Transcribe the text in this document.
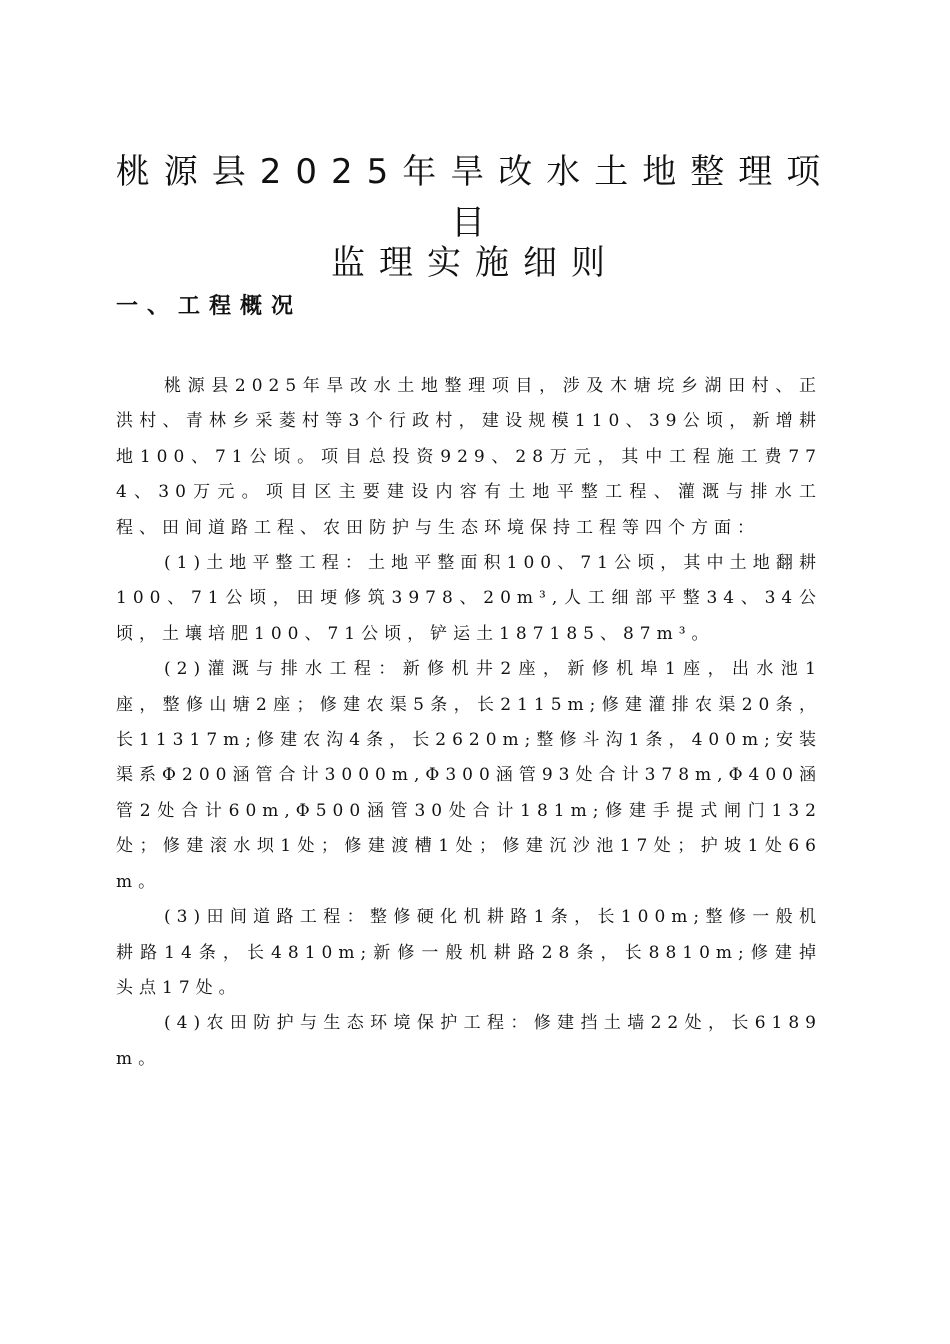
桃源县2025年旱改水土地整理项
目
监理实施细则
一、工程概况

桃源县2025年旱改水土地整理项目，涉及木塘垸乡湖田村、正洪村、青林乡采菱村等3个行政村，建设规模110、39公顷，新增耕地100、71公顷。项目总投资929、28万元，其中工程施工费774、30万元。项目区主要建设内容有土地平整工程、灌溉与排水工程、田间道路工程、农田防护与生态环境保持工程等四个方面：

(1)土地平整工程：土地平整面积100、71公顷，其中土地翻耕100、71公顷，田埂修筑3978、20m³,人工细部平整34、34公顷，土壤培肥100、71公顷，铲运土187185、87m³。

(2)灌溉与排水工程：新修机井2座，新修机埠1座，出水池1座，整修山塘2座；修建农渠5条，长2115m;修建灌排农渠20条，长11317m;修建农沟4条，长2620m;整修斗沟1条，400m;安装渠系Φ200涵管合计3000m,Φ300涵管93处合计378m,Φ400涵管2处合计60m,Φ500涵管30处合计181m;修建手提式闸门132处；修建滚水坝1处；修建渡槽1处；修建沉沙池17处；护坡1处66m。

(3)田间道路工程：整修硬化机耕路1条，长100m;整修一般机耕路14条，长4810m;新修一般机耕路28条，长8810m;修建掉头点17处。

(4)农田防护与生态环境保护工程：修建挡土墙22处，长6189m。
